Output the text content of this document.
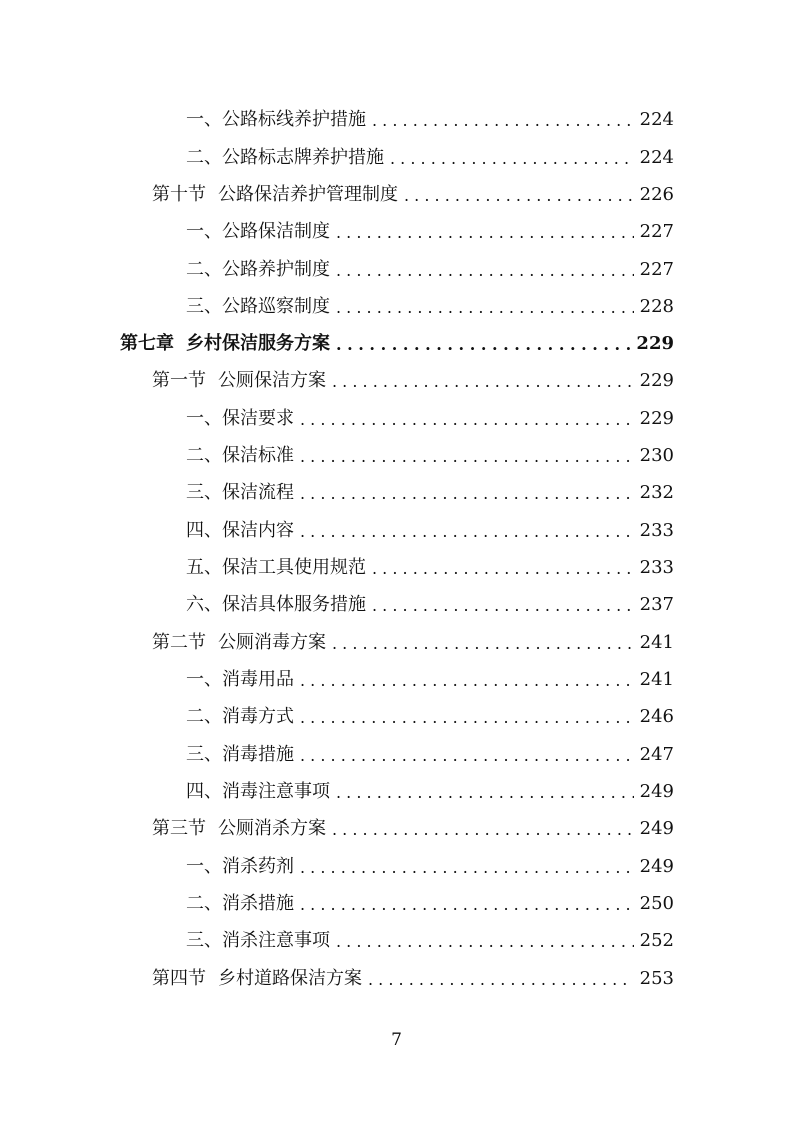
一、 公路标线养护措施 . . .	224
二、 公路标志牌养护措施 . . .	224
第十节 公路保洁养护管理制度 . . .	226
一、 公路保洁制度 . . .	227
二、 公路养护制度 . . .	227
三、 公路巡察制度 . . .	228
第七章 乡村保洁服务方案 . . .	229
第一节 公厕保洁方案 . . .	229
一、 保洁要求 . . .	229
二、 保洁标准 . . .	230
三、 保洁流程 . . .	232
四、 保洁内容 . . .	233
五、 保洁工具使用规范 . . .	233
六、 保洁具体服务措施 . . .	237
第二节 公厕消毒方案 . . .	241
一、 消毒用品 . . .	241
二、 消毒方式 . . .	246
三、 消毒措施 . . .	247
四、 消毒注意事项 . . .	249
第三节 公厕消杀方案 . . .	249
一、 消杀药剂 . . .	249
二、 消杀措施 . . .	250
三、 消杀注意事项 . . .	252
第四节 乡村道路保洁方案 . . .	253
7
